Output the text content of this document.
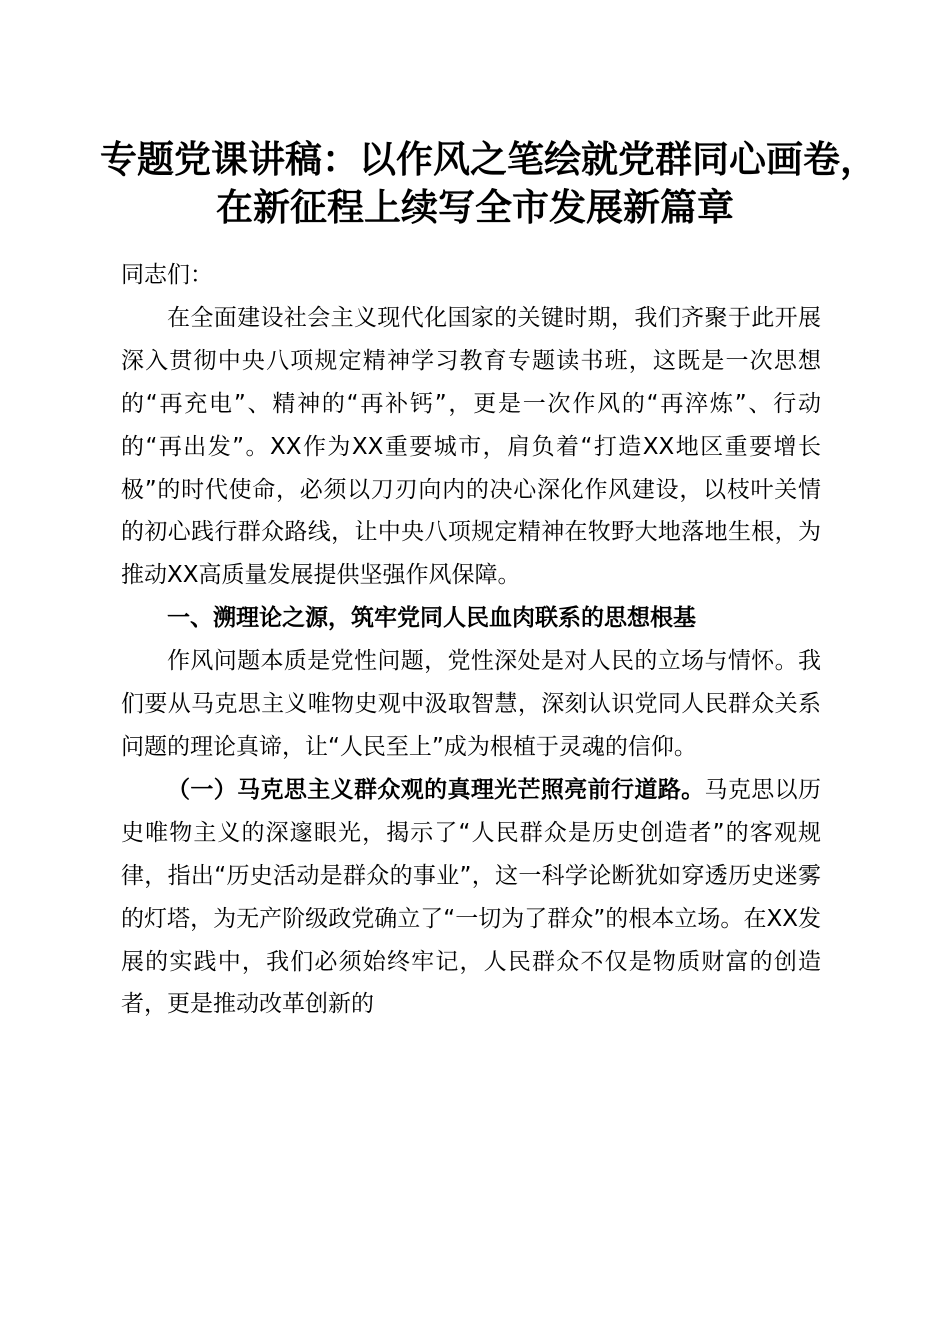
专题党课讲稿：以作风之笔绘就党群同心画卷，
在新征程上续写全市发展新篇章

同志们：

在全面建设社会主义现代化国家的关键时期，我们齐聚于此开展深入贯彻中央八项规定精神学习教育专题读书班，这既是一次思想的“再充电”、精神的“再补钙”，更是一次作风的“再淬炼”、行动的“再出发”。XX作为XX重要城市，肩负着“打造XX地区重要增长极”的时代使命，必须以刀刃向内的决心深化作风建设，以枝叶关情的初心践行群众路线，让中央八项规定精神在牧野大地落地生根，为推动XX高质量发展提供坚强作风保障。

一、溯理论之源，筑牢党同人民血肉联系的思想根基

作风问题本质是党性问题，党性深处是对人民的立场与情怀。我们要从马克思主义唯物史观中汲取智慧，深刻认识党同人民群众关系问题的理论真谛，让“人民至上”成为根植于灵魂的信仰。

（一）马克思主义群众观的真理光芒照亮前行道路。马克思以历史唯物主义的深邃眼光，揭示了“人民群众是历史创造者”的客观规律，指出“历史活动是群众的事业”，这一科学论断犹如穿透历史迷雾的灯塔，为无产阶级政党确立了“一切为了群众”的根本立场。在XX发展的实践中，我们必须始终牢记，人民群众不仅是物质财富的创造者，更是推动改革创新的
